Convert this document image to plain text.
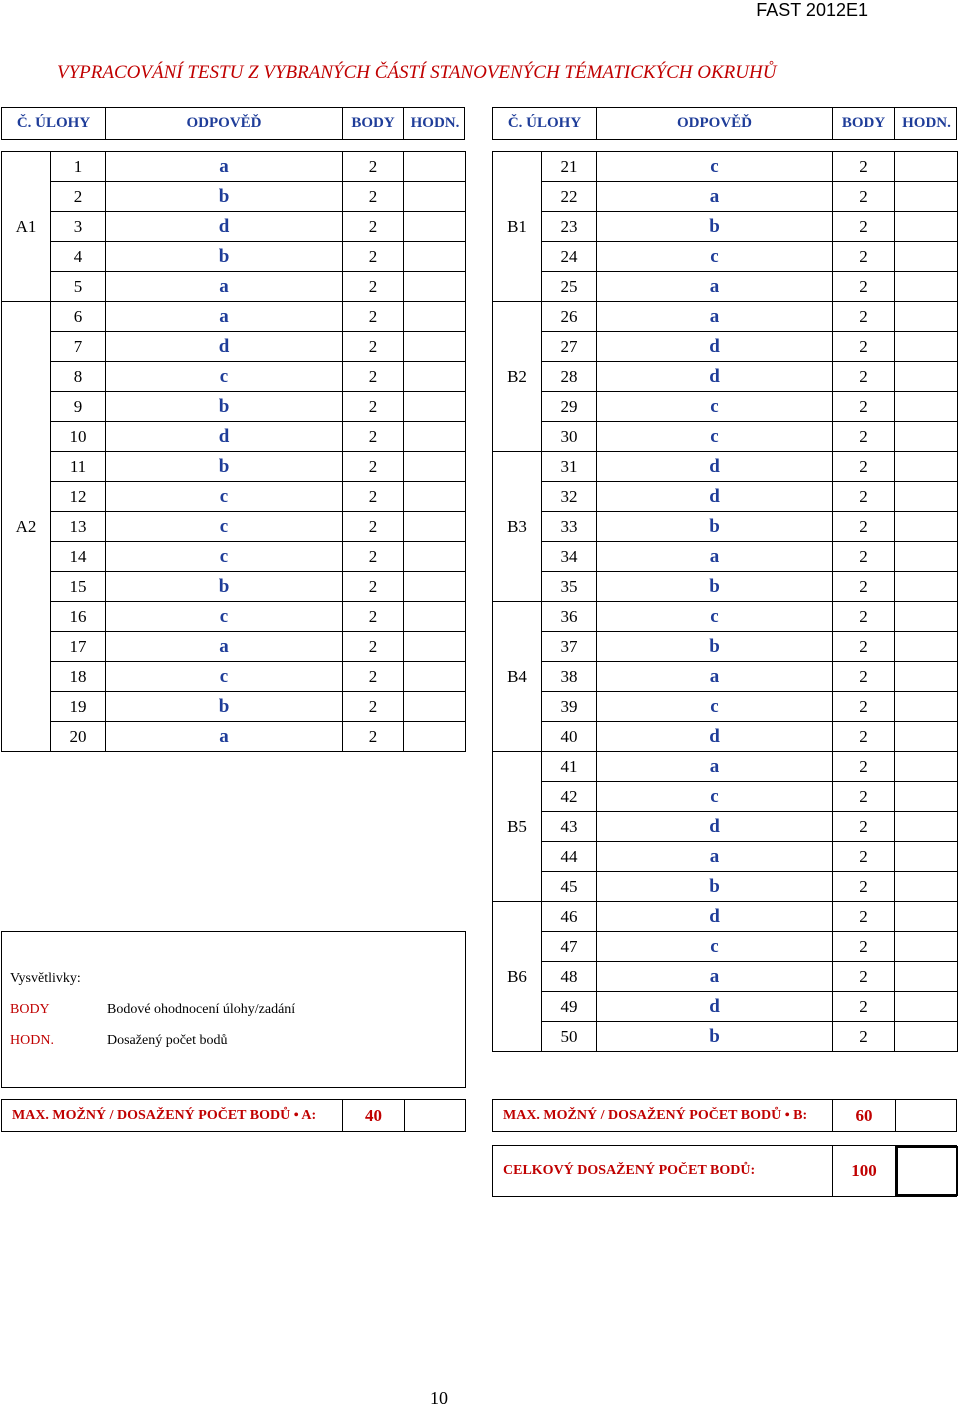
FAST 2012E1
VYPRACOVÁNÍ TESTU Z VYBRANÝCH ČÁSTÍ STANOVENÝCH TÉMATICKÝCH OKRUHŮ
Č. ÚLOHY	ODPOVĚĎ	BODY	HODN.	Č. ÚLOHY	ODPOVĚĎ	BODY	HODN.
A1	1	a	2	
	2	b	2	
	3	d	2	
	4	b	2	
	5	a	2	
A2	6	a	2	
	7	d	2	
	8	c	2	
	9	b	2	
	10	d	2	
	11	b	2	
	12	c	2	
	13	c	2	
	14	c	2	
	15	b	2	
	16	c	2	
	17	a	2	
	18	c	2	
	19	b	2	
	20	a	2	
B1	21	c	2	
	22	a	2	
	23	b	2	
	24	c	2	
	25	a	2	
B2	26	a	2	
	27	d	2	
	28	d	2	
	29	c	2	
	30	c	2	
B3	31	d	2	
	32	d	2	
	33	b	2	
	34	a	2	
	35	b	2	
B4	36	c	2	
	37	b	2	
	38	a	2	
	39	c	2	
	40	d	2	
B5	41	a	2	
	42	c	2	
	43	d	2	
	44	a	2	
	45	b	2	
B6	46	d	2	
	47	c	2	
	48	a	2	
	49	d	2	
	50	b	2	
Vysvětlivky:
BODY	Bodové ohodnocení úlohy/zadání
HODN.	Dosažený počet bodů
MAX. MOŽNÝ / DOSAŽENÝ POČET BODŮ • A:	40	MAX. MOŽNÝ / DOSAŽENÝ POČET BODŮ • B:	60
CELKOVÝ DOSAŽENÝ POČET BODŮ:	100
10
